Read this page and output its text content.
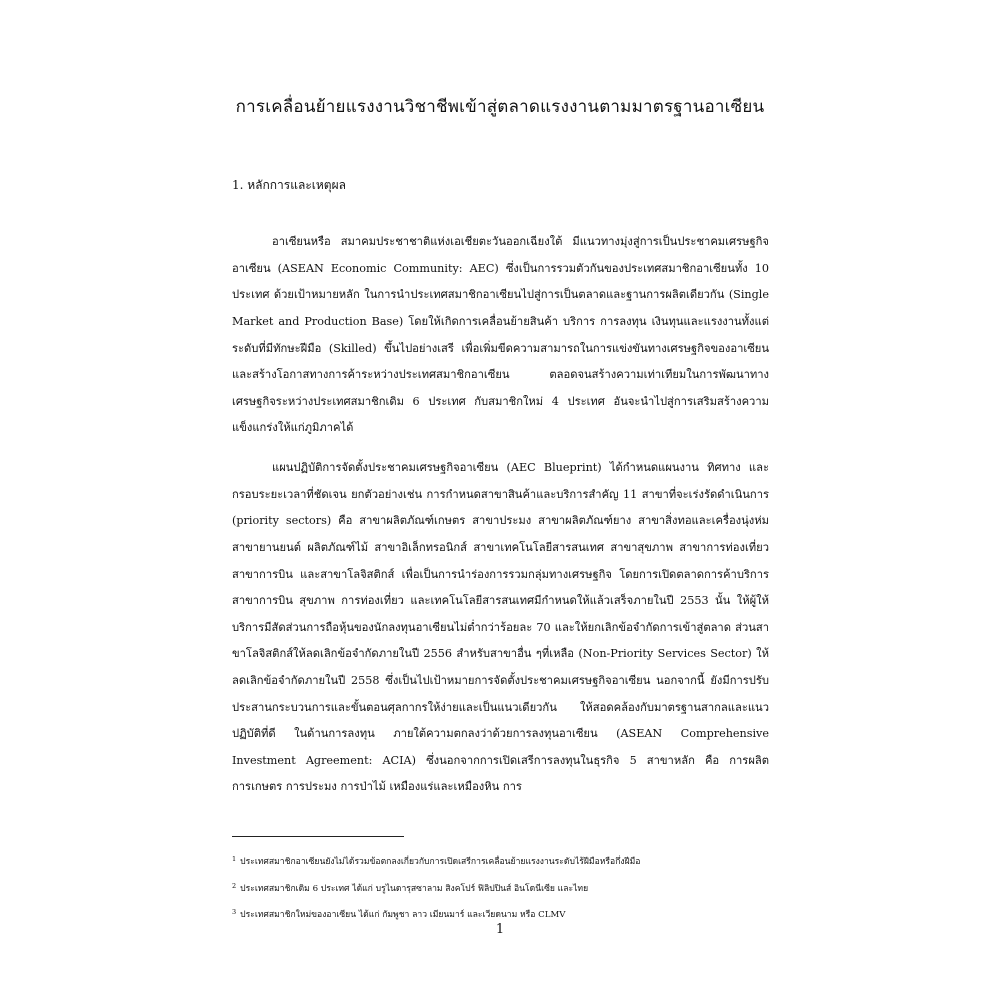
การเคลื่อนย้ายแรงงานวิชาชีพเข้าสู่ตลาดแรงงานตามมาตรฐานอาเซียน
1. หลักการและเหตุผล

อาเซียนหรือ สมาคมประชาชาติแห่งเอเชียตะวันออกเฉียงใต้ มีแนวทางมุ่งสู่การเป็นประชาคมเศรษฐกิจอาเซียน (ASEAN Economic Community: AEC) ซึ่งเป็นการรวมตัวกันของประเทศสมาชิกอาเซียนทั้ง 10 ประเทศ ด้วยเป้าหมายหลัก ในการนำประเทศสมาชิกอาเซียนไปสู่การเป็นตลาดและฐานการผลิตเดียวกัน (Single Market and Production Base) โดยให้เกิดการเคลื่อนย้ายสินค้า บริการ การลงทุน เงินทุนและแรงงานทั้งแต่ระดับที่มีทักษะฝีมือ (Skilled) ขึ้นไปอย่างเสรี เพื่อเพิ่มขีดความสามารถในการแข่งขันทางเศรษฐกิจของอาเซียน และสร้างโอกาสทางการค้าระหว่างประเทศสมาชิกอาเซียน ตลอดจนสร้างความเท่าเทียมในการพัฒนาทางเศรษฐกิจระหว่างประเทศสมาชิกเดิม 6 ประเทศ กับสมาชิกใหม่ 4 ประเทศ อันจะนำไปสู่การเสริมสร้างความแข็งแกร่งให้แก่ภูมิภาคได้

แผนปฏิบัติการจัดตั้งประชาคมเศรษฐกิจอาเซียน (AEC Blueprint) ได้กำหนดแผนงาน ทิศทาง และกรอบระยะเวลาที่ชัดเจน ยกตัวอย่างเช่น การกำหนดสาขาสินค้าและบริการสำคัญ 11 สาขาที่จะเร่งรัดดำเนินการ (priority sectors) คือ สาขาผลิตภัณฑ์เกษตร สาขาประมง สาขาผลิตภัณฑ์ยาง สาขาสิ่งทอและเครื่องนุ่งห่ม สาขายานยนต์ ผลิตภัณฑ์ไม้ สาขาอิเล็กทรอนิกส์ สาขาเทคโนโลยีสารสนเทศ สาขาสุขภาพ สาขาการท่องเที่ยว สาขาการบิน และสาขาโลจิสติกส์ เพื่อเป็นการนำร่องการรวมกลุ่มทางเศรษฐกิจ โดยการเปิดตลาดการค้าบริการสาขาการบิน สุขภาพ การท่องเที่ยว และเทคโนโลยีสารสนเทศมีกำหนดให้แล้วเสร็จภายในปี 2553 นั้น ให้ผู้ให้บริการมีสัดส่วนการถือหุ้นของนักลงทุนอาเซียนไม่ต่ำกว่าร้อยละ 70 และให้ยกเลิกข้อจำกัดการเข้าสู่ตลาด ส่วนสาขาโลจิสติกส์ให้ลดเลิกข้อจำกัดภายในปี 2556 สำหรับสาขาอื่น ๆที่เหลือ (Non-Priority Services Sector) ให้ลดเลิกข้อจำกัดภายในปี 2558 ซึ่งเป็นไปเป้าหมายการจัดตั้งประชาคมเศรษฐกิจอาเซียน นอกจากนี้ ยังมีการปรับประสานกระบวนการและขั้นตอนศุลกากรให้ง่ายและเป็นแนวเดียวกัน ให้สอดคล้องกับมาตรฐานสากลและแนวปฏิบัติที่ดี ในด้านการลงทุน ภายใต้ความตกลงว่าด้วยการลงทุนอาเซียน (ASEAN Comprehensive Investment Agreement: ACIA) ซึ่งนอกจากการเปิดเสรีการลงทุนในธุรกิจ 5 สาขาหลัก คือ การผลิต การเกษตร การประมง การป่าไม้ เหมืองแร่และเหมืองหิน การ

$^1$ ประเทศสมาชิกอาเซียนยังไม่ได้รวมข้อตกลงเกี่ยวกับการเปิดเสรีการเคลื่อนย้ายแรงงานระดับไร้ฝีมือหรือกึ่งฝีมือ
$^2$ ประเทศสมาชิกเดิม 6 ประเทศ ได้แก่ บรูไนดารุสซาลาม สิงคโปร์ ฟิลิปปินส์ อินโดนีเซีย และไทย
$^3$ ประเทศสมาชิกใหม่ของอาเซียน ได้แก่ กัมพูชา ลาว เมียนมาร์ และเวียดนาม หรือ CLMV
1
